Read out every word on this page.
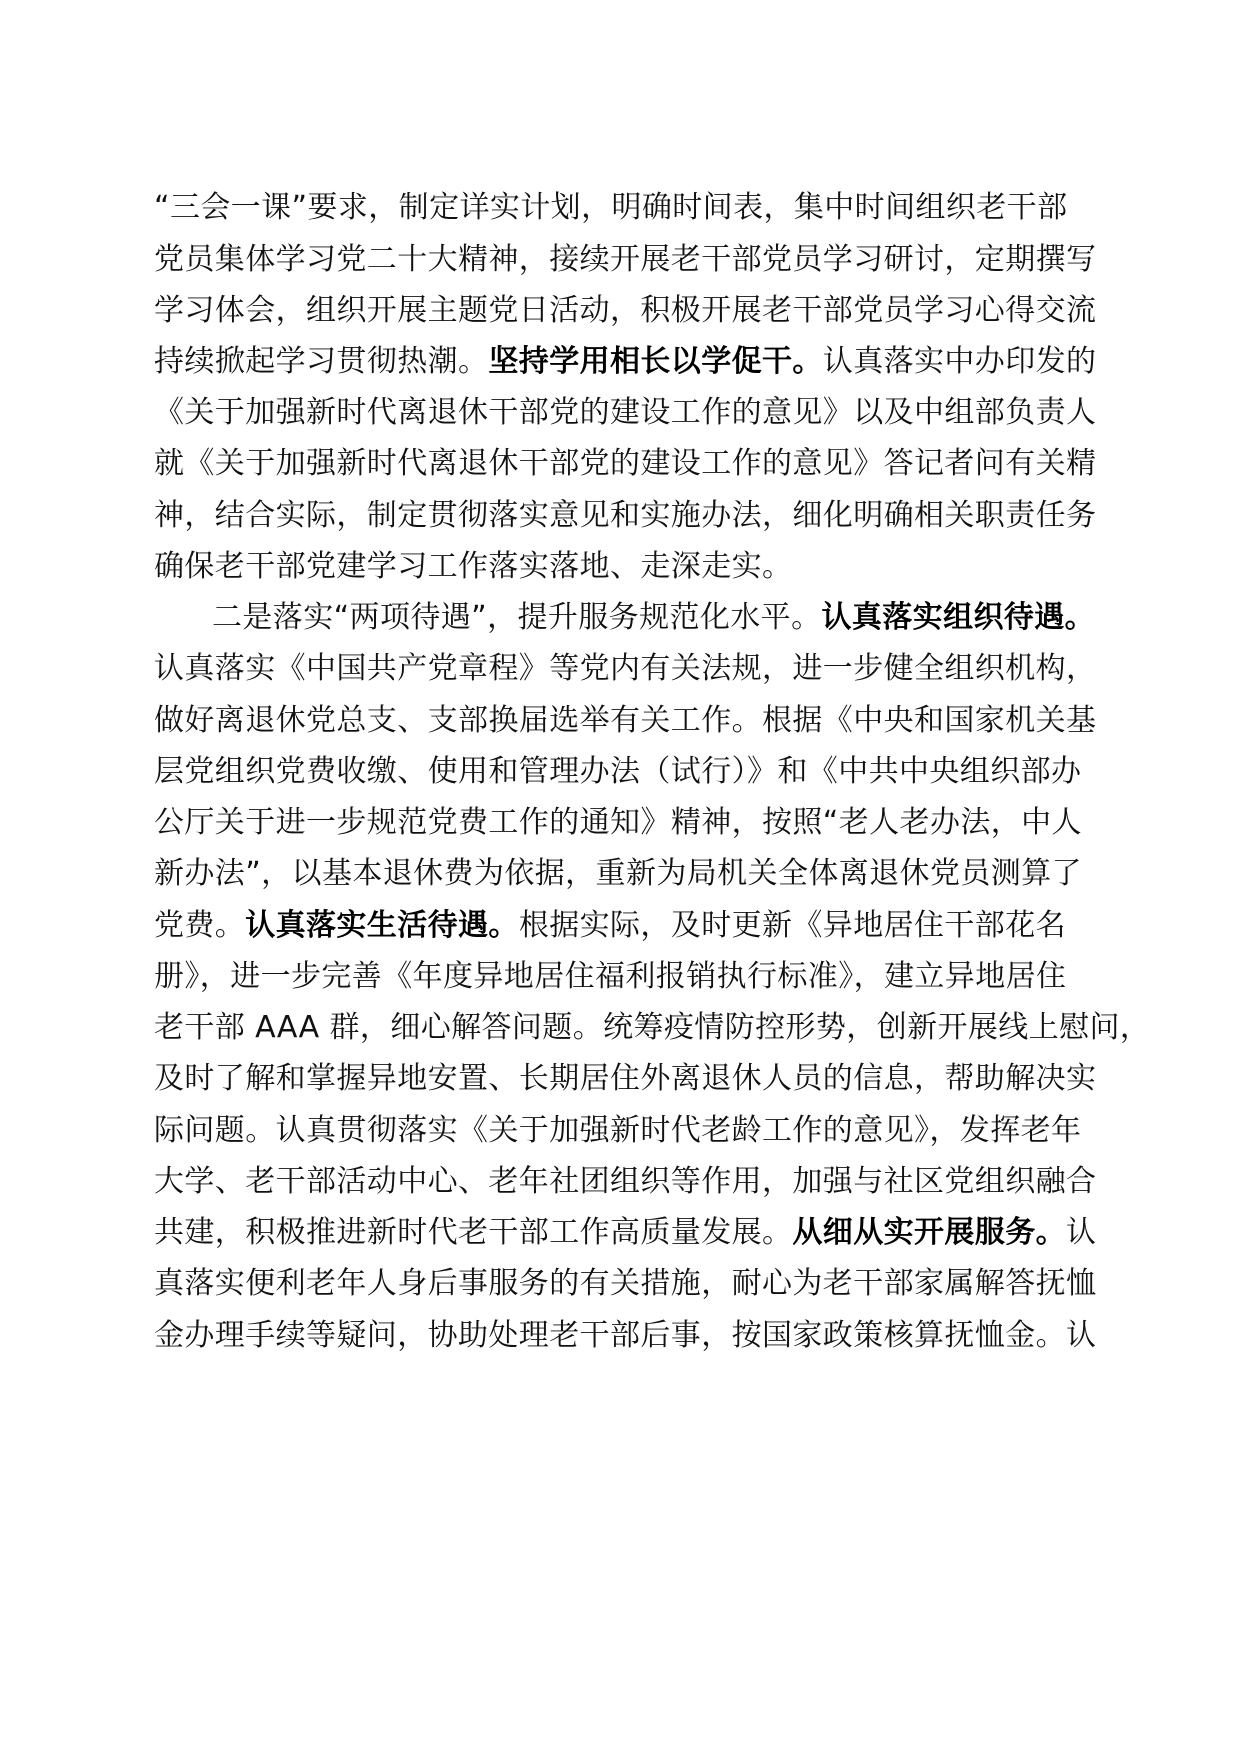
“三会一课”要求，制定详实计划，明确时间表，集中时间组织老干部
党员集体学习党二十大精神，接续开展老干部党员学习研讨，定期撰写
学习体会，组织开展主题党日活动，积极开展老干部党员学习心得交流
持续掀起学习贯彻热潮。坚持学用相长以学促干。认真落实中办印发的
《关于加强新时代离退休干部党的建设工作的意见》以及中组部负责人
就《关于加强新时代离退休干部党的建设工作的意见》答记者问有关精
神，结合实际，制定贯彻落实意见和实施办法，细化明确相关职责任务
确保老干部党建学习工作落实落地、走深走实。
二是落实“两项待遇”，提升服务规范化水平。认真落实组织待遇。
认真落实《中国共产党章程》等党内有关法规，进一步健全组织机构，
做好离退休党总支、支部换届选举有关工作。根据《中央和国家机关基
层党组织党费收缴、使用和管理办法（试行）》和《中共中央组织部办
公厅关于进一步规范党费工作的通知》精神，按照“老人老办法，中人
新办法”，以基本退休费为依据，重新为局机关全体离退休党员测算了
党费。认真落实生活待遇。根据实际，及时更新《异地居住干部花名
册》，进一步完善《年度异地居住福利报销执行标准》，建立异地居住
老干部 AAA 群，细心解答问题。统筹疫情防控形势，创新开展线上慰问，
及时了解和掌握异地安置、长期居住外离退休人员的信息，帮助解决实
际问题。认真贯彻落实《关于加强新时代老龄工作的意见》，发挥老年
大学、老干部活动中心、老年社团组织等作用，加强与社区党组织融合
共建，积极推进新时代老干部工作高质量发展。从细从实开展服务。认
真落实便利老年人身后事服务的有关措施，耐心为老干部家属解答抚恤
金办理手续等疑问，协助处理老干部后事，按国家政策核算抚恤金。认
